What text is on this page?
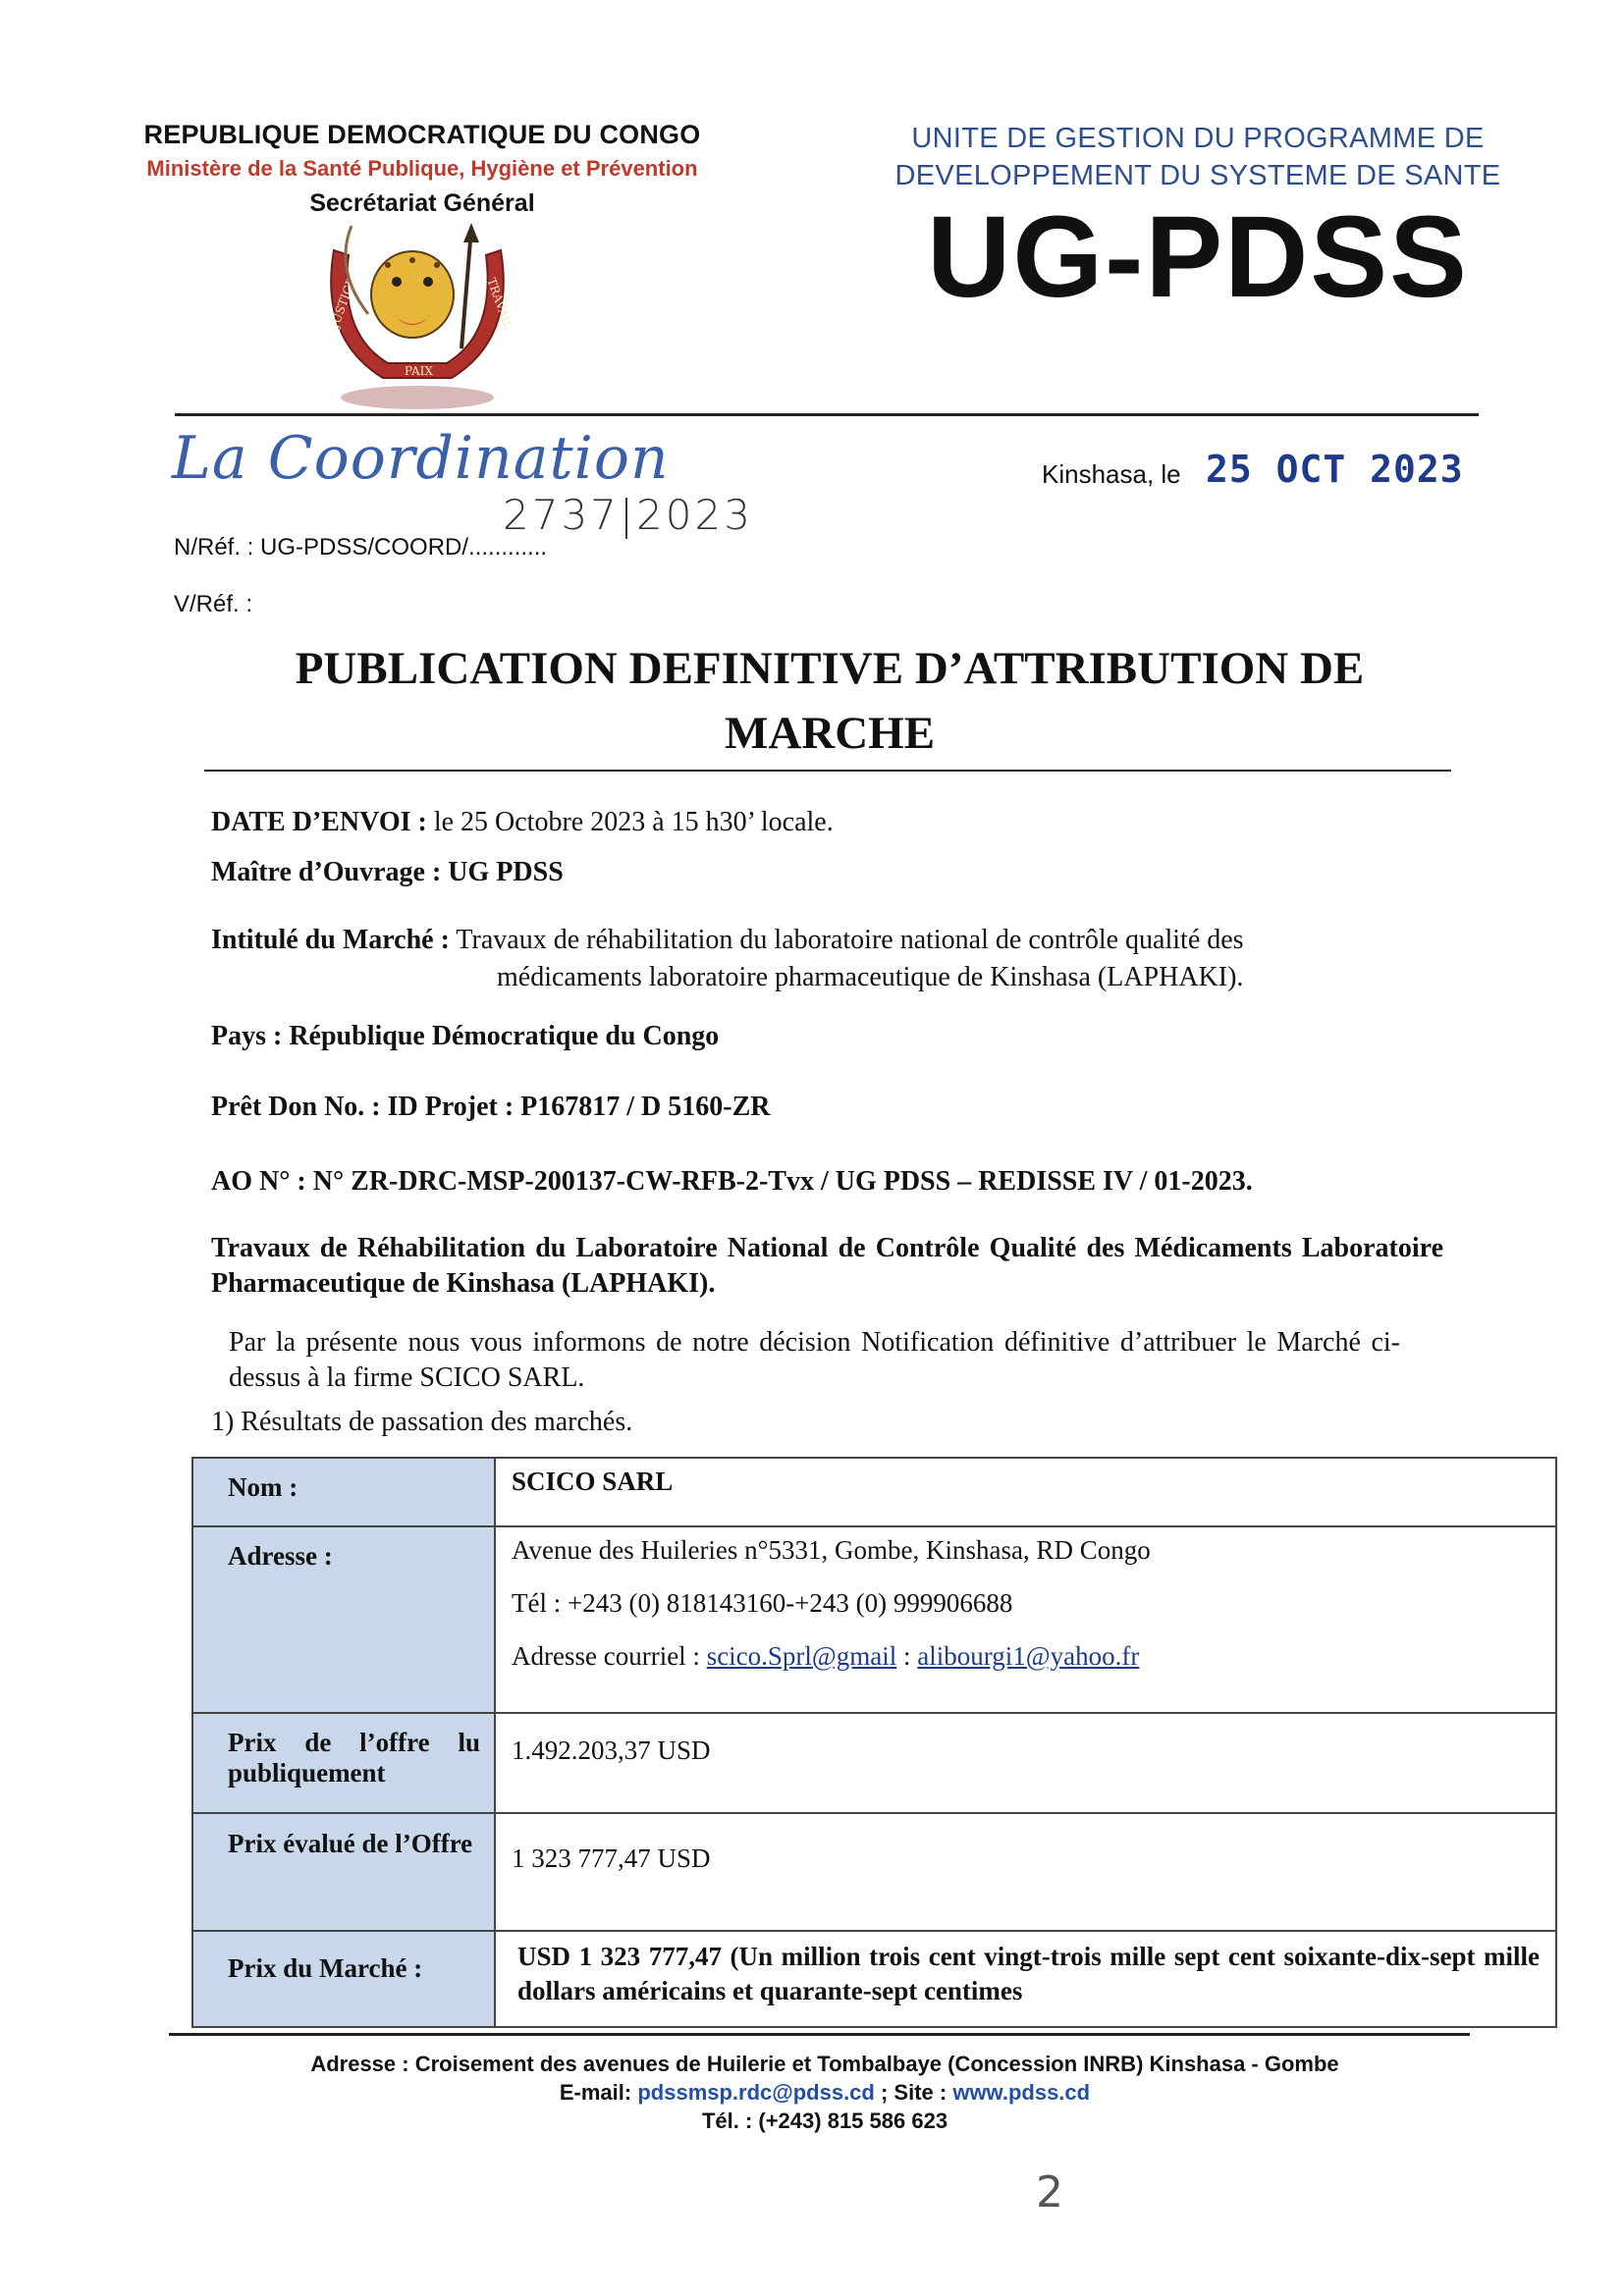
REPUBLIQUE DEMOCRATIQUE DU CONGO
Ministère de la Santé Publique, Hygiène et Prévention
Secrétariat Général
JUSTICE
PAIX
TRAVAIL
UNITE DE GESTION DU PROGRAMME DE
DEVELOPPEMENT DU SYSTEME DE SANTE
UG-PDSS
La Coordination	Kinshasa, le 25 OCT 2023
N/Réf. : UG-PDSS/COORD/............
2737|2023
V/Réf. :
PUBLICATION DEFINITIVE D’ATTRIBUTION DE
MARCHE
DATE D’ENVOI : le 25 Octobre 2023 à 15 h30’ locale.
Maître d’Ouvrage : UG PDSS
Intitulé du Marché : Travaux de réhabilitation du laboratoire national de contrôle qualité des
médicaments laboratoire pharmaceutique de Kinshasa (LAPHAKI).
Pays : République Démocratique du Congo
Prêt Don No. : ID Projet : P167817 / D 5160-ZR
AO N° : N° ZR-DRC-MSP-200137-CW-RFB-2-Tvx / UG PDSS – REDISSE IV / 01-2023.
Travaux de Réhabilitation du Laboratoire National de Contrôle Qualité des Médicaments Laboratoire Pharmaceutique de Kinshasa (LAPHAKI).
Par la présente nous vous informons de notre décision Notification définitive d’attribuer le Marché ci-dessus à la firme SCICO SARL.
1) Résultats de passation des marchés.
Nom :	SCICO SARL
Adresse :	Avenue des Huileries n°5331, Gombe, Kinshasa, RD Congo
Tél : +243 (0) 818143160-+243 (0) 999906688
Adresse courriel : scico.Sprl@gmail : alibourgi1@yahoo.fr

Prix de l’offre lu publiquement	1.492.203,37 USD
Prix évalué de l’Offre	1 323 777,47 USD
Prix du Marché :	USD 1 323 777,47 (Un million trois cent vingt-trois mille sept cent soixante-dix-sept mille dollars américains et quarante-sept centimes
Adresse : Croisement des avenues de Huilerie et Tombalbaye (Concession INRB) Kinshasa - Gombe
E-mail: pdssmsp.rdc@pdss.cd ; Site : www.pdss.cd
Tél. : (+243) 815 586 623
2
